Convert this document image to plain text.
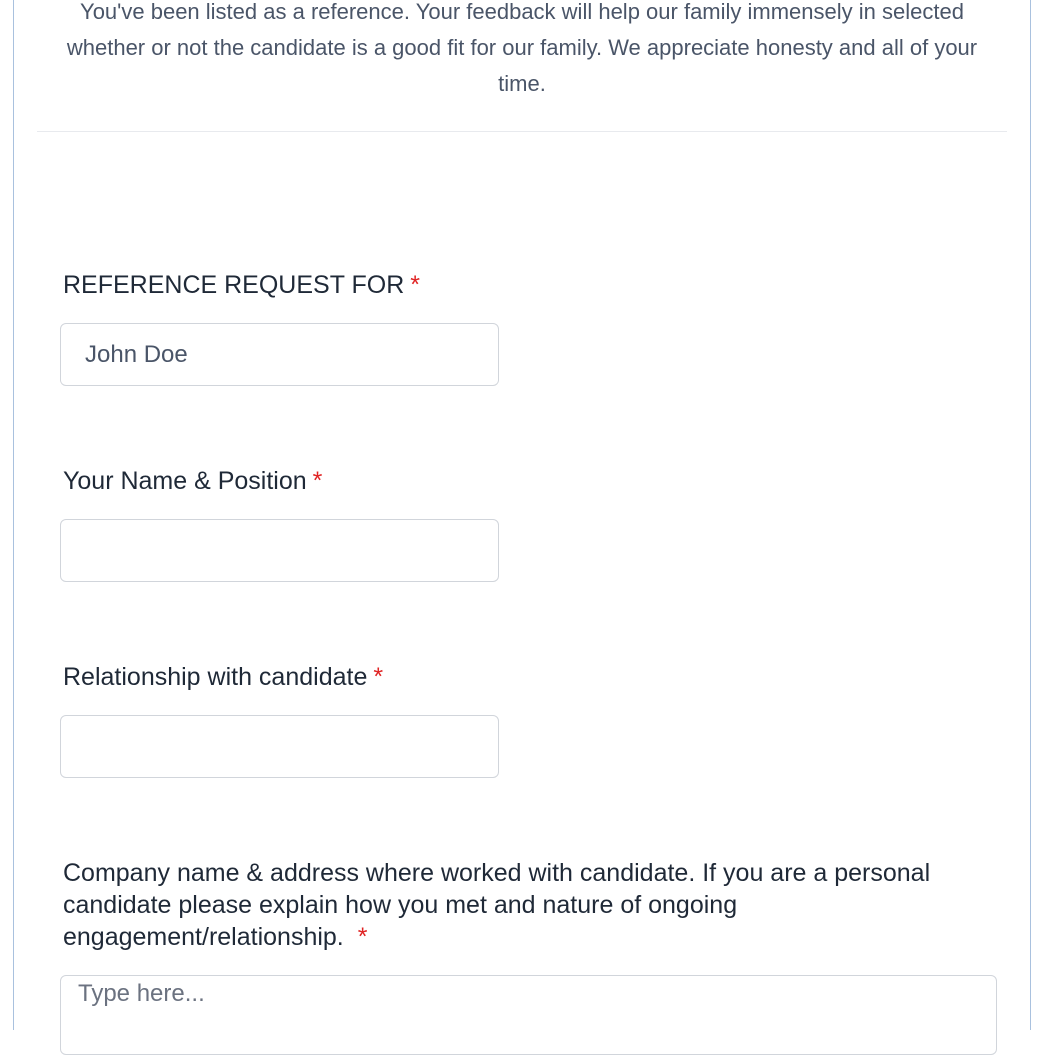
You've been listed as a reference. Your feedback will help our family immensely in selected whether or not the candidate is a good fit for our family. We appreciate honesty and all of your time.
REFERENCE REQUEST FOR *
John Doe
Your Name & Position *
Relationship with candidate *
Company name & address where worked with candidate. If you are a personal candidate please explain how you met and nature of ongoing engagement/relationship. *
Type here...
